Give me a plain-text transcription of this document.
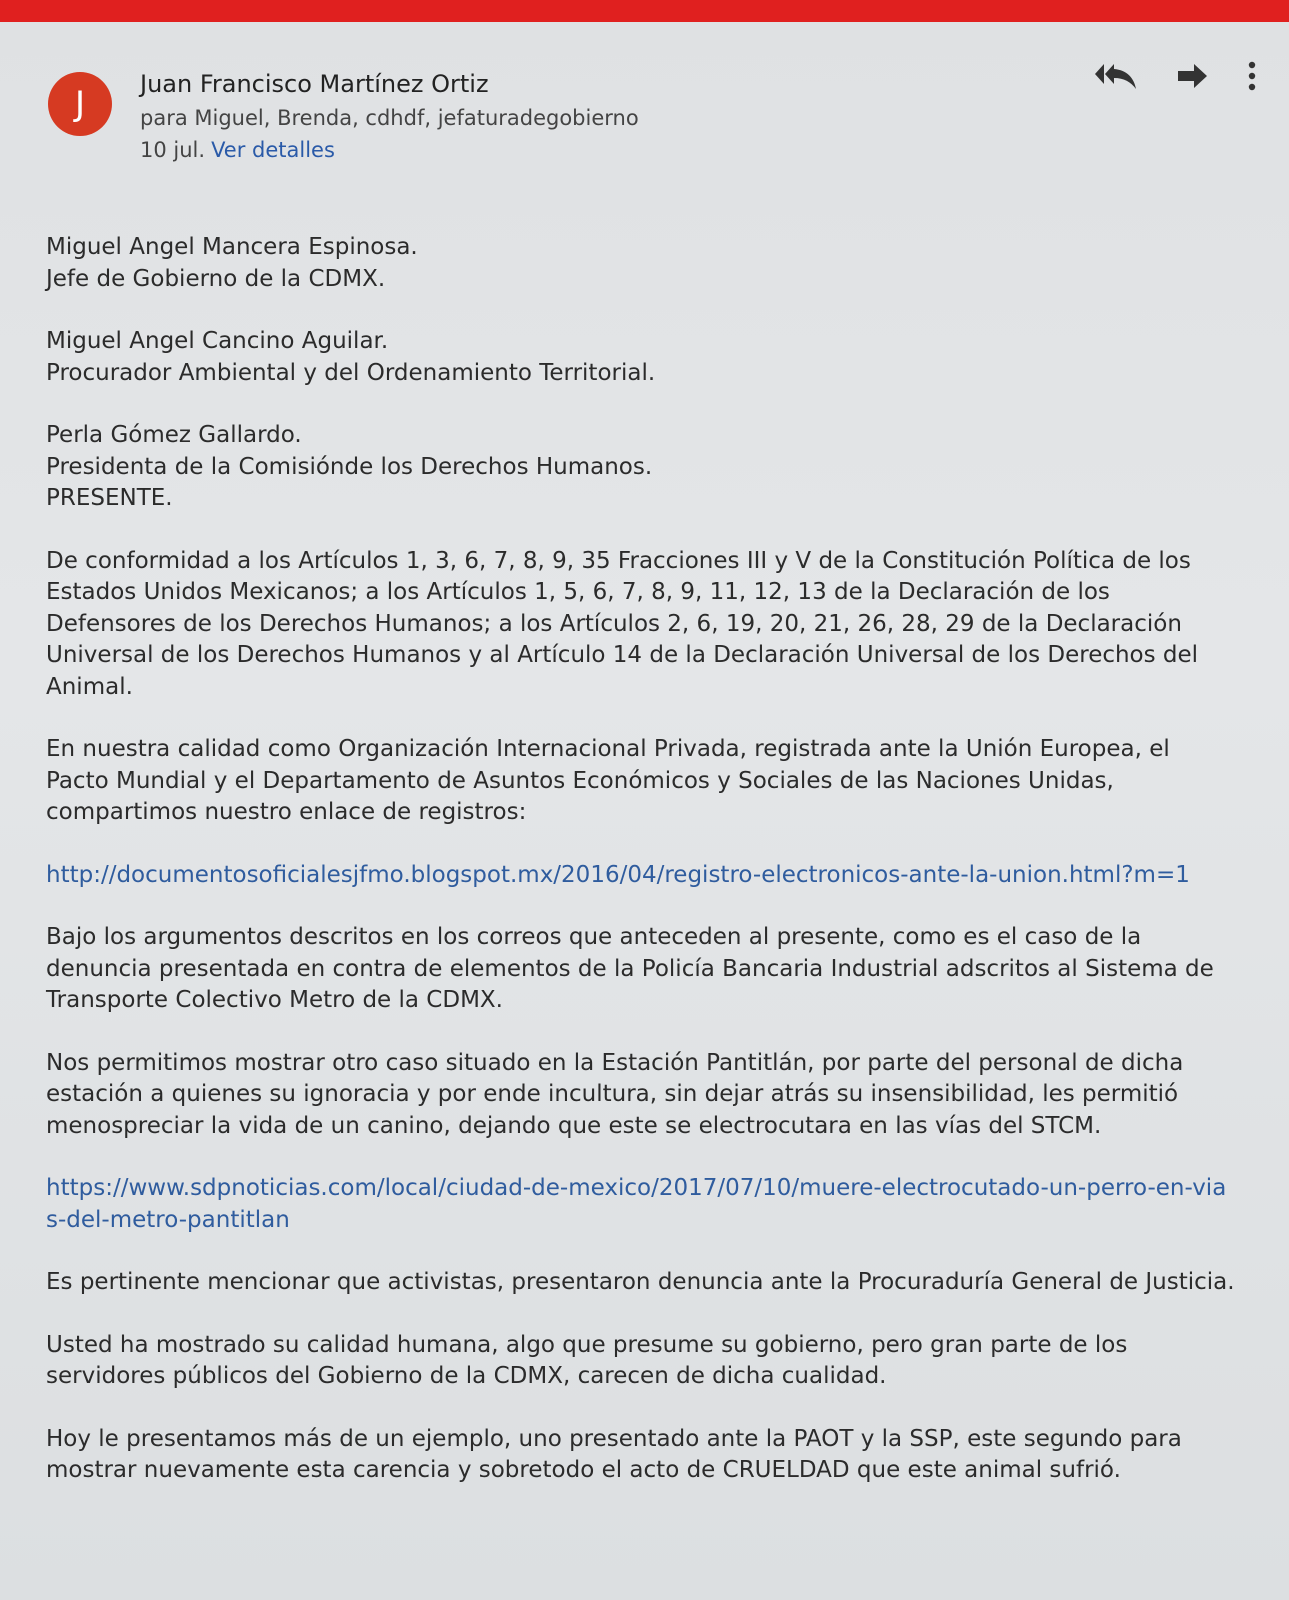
J Juan Francisco Martínez Ortiz
para Miguel, Brenda, cdhdf, jefaturadegobierno
10 jul. Ver detalles

Miguel Angel Mancera Espinosa.
Jefe de Gobierno de la CDMX.

Miguel Angel Cancino Aguilar.
Procurador Ambiental y del Ordenamiento Territorial.

Perla Gómez Gallardo.
Presidenta de la Comisiónde los Derechos Humanos.
PRESENTE.

De conformidad a los Artículos 1, 3, 6, 7, 8, 9, 35 Fracciones III y V de la Constitución Política de los Estados Unidos Mexicanos; a los Artículos 1, 5, 6, 7, 8, 9, 11, 12, 13 de la Declaración de los Defensores de los Derechos Humanos; a los Artículos 2, 6, 19, 20, 21, 26, 28, 29 de la Declaración Universal de los Derechos Humanos y al Artículo 14 de la Declaración Universal de los Derechos del Animal.

En nuestra calidad como Organización Internacional Privada, registrada ante la Unión Europea, el Pacto Mundial y el Departamento de Asuntos Económicos y Sociales de las Naciones Unidas, compartimos nuestro enlace de registros:

http://documentosoficialesjfmo.blogspot.mx/2016/04/registro-electronicos-ante-la-union.html?m=1

Bajo los argumentos descritos en los correos que anteceden al presente, como es el caso de la denuncia presentada en contra de elementos de la Policía Bancaria Industrial adscritos al Sistema de Transporte Colectivo Metro de la CDMX.

Nos permitimos mostrar otro caso situado en la Estación Pantitlán, por parte del personal de dicha estación a quienes su ignoracia y por ende incultura, sin dejar atrás su insensibilidad, les permitió menospreciar la vida de un canino, dejando que este se electrocutara en las vías del STCM.

https://www.sdpnoticias.com/local/ciudad-de-mexico/2017/07/10/muere-electrocutado-un-perro-en-vias-del-metro-pantitlan

Es pertinente mencionar que activistas, presentaron denuncia ante la Procuraduría General de Justicia.

Usted ha mostrado su calidad humana, algo que presume su gobierno, pero gran parte de los servidores públicos del Gobierno de la CDMX, carecen de dicha cualidad.

Hoy le presentamos más de un ejemplo, uno presentado ante la PAOT y la SSP, este segundo para mostrar nuevamente esta carencia y sobretodo el acto de CRUELDAD que este animal sufrió.
